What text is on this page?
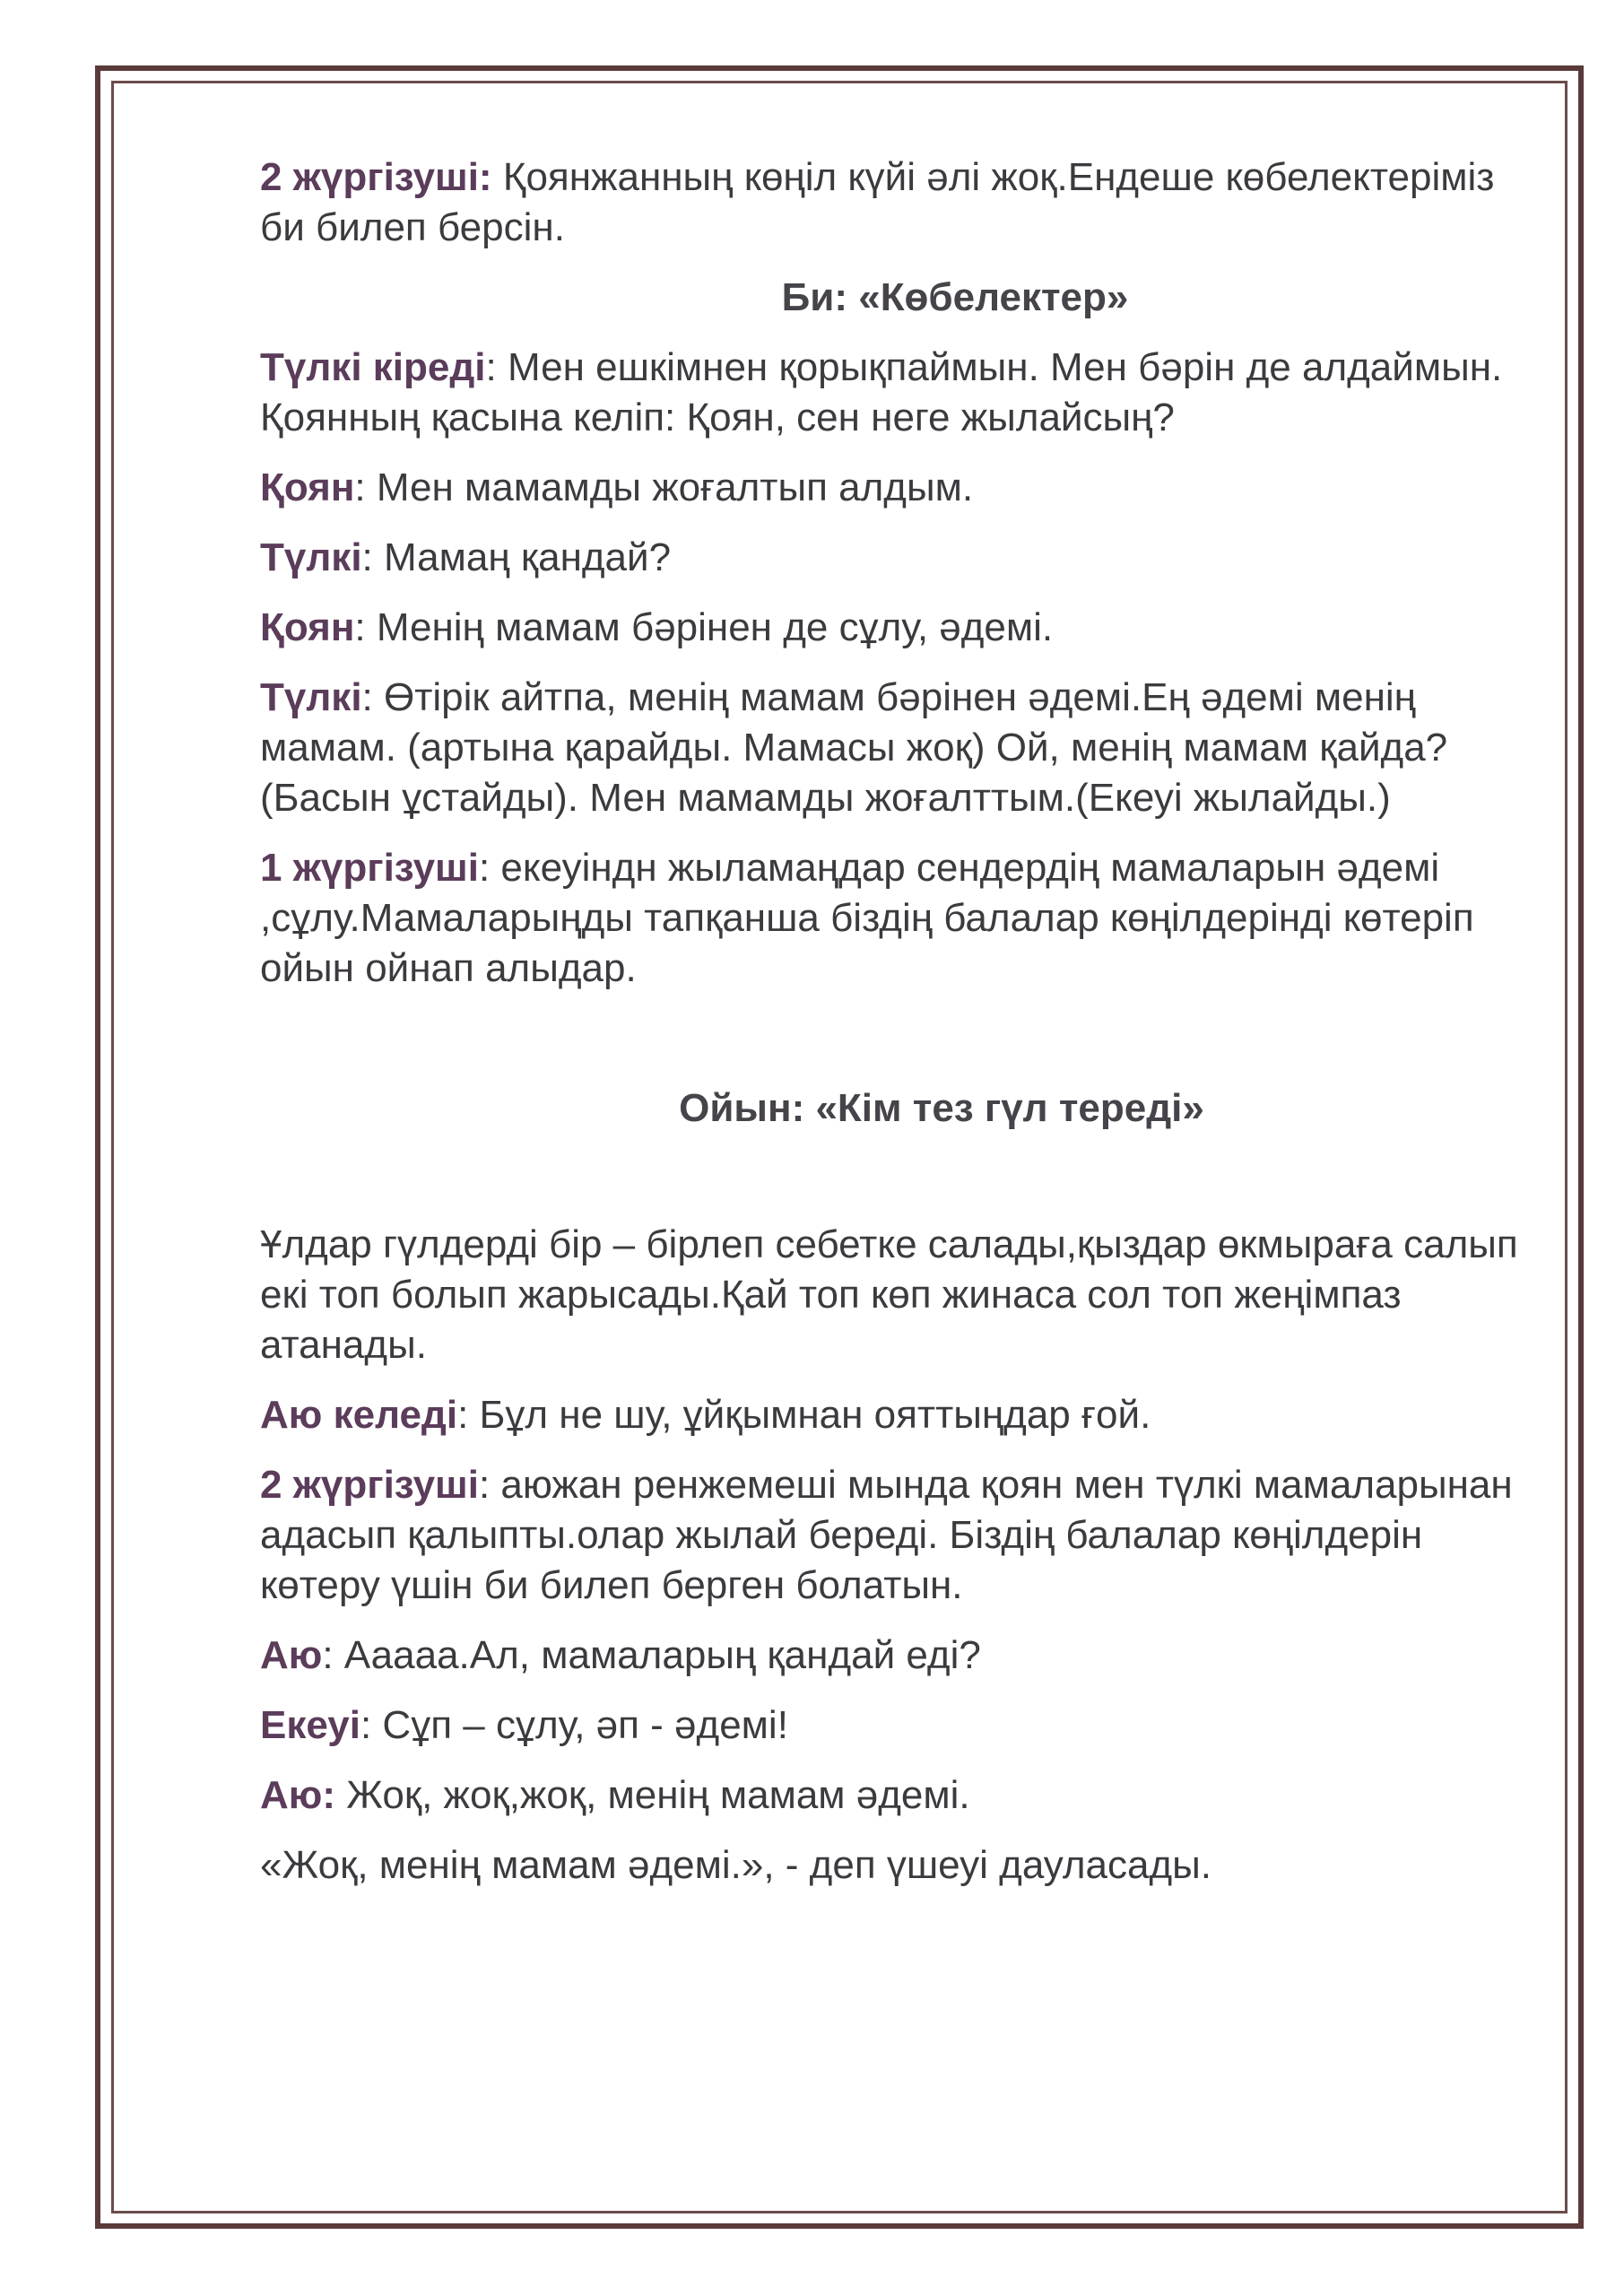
2 жүргізуші: Қоянжанның көңіл күйі әлі жоқ.Ендеше көбелектеріміз би билеп берсін.

Би: «Көбелектер»

Түлкі кіреді: Мен ешкімнен қорықпаймын. Мен бәрін де алдаймын. Қоянның қасына келіп: Қоян, сен неге жылайсың?

Қоян: Мен мамамды жоғалтып алдым.

Түлкі: Мамаң қандай?

Қоян: Менің мамам бәрінен де сұлу, әдемі.

Түлкі: Өтірік айтпа, менің мамам бәрінен әдемі.Ең әдемі менің мамам. (артына қарайды. Мамасы жоқ) Ой, менің мамам қайда? (Басын ұстайды). Мен мамамды жоғалттым.(Екеуі жылайды.)

1 жүргізуші: екеуіндн жыламаңдар сендердің мамаларын әдемі ,сұлу.Мамаларыңды тапқанша біздің балалар көңілдерінді көтеріп ойын ойнап алыдар.

Ойын: «Кім тез гүл тереді»

Ұлдар гүлдерді бір – бірлеп себетке салады,қыздар өкмыраға салып екі топ болып жарысады.Қай топ көп жинаса сол топ жеңімпаз атанады.

Аю келеді: Бұл не шу, ұйқымнан ояттыңдар ғой.

2 жүргізуші: аюжан ренжемеші мында қоян мен түлкі мамаларынан адасып қалыпты.олар жылай береді. Біздің балалар көңілдерін көтеру үшін би билеп берген болатын.

Аю: Ааааа.Ал, мамаларың қандай еді?

Екеуі: Сұп – сұлу, әп - әдемі!

Аю: Жоқ, жоқ,жоқ, менің мамам әдемі.

«Жоқ, менің мамам әдемі.», - деп үшеуі дауласады.
